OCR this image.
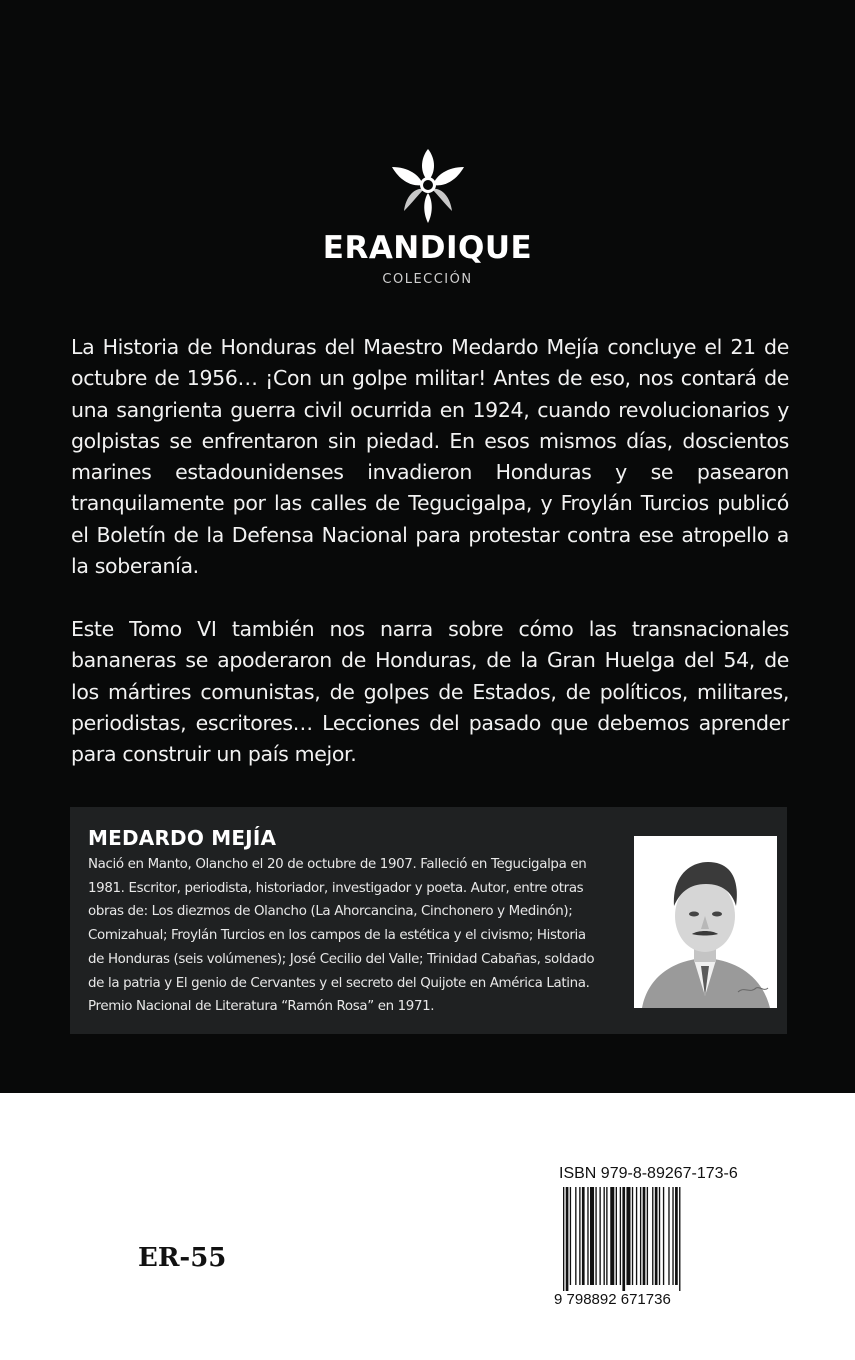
ERANDIQUE
COLECCIÓN

La Historia de Honduras del Maestro Medardo Mejía concluye el 21 de octubre de 1956… ¡Con un golpe militar! Antes de eso, nos contará de una sangrienta guerra civil ocurrida en 1924, cuando revolucionarios y golpistas se enfrentaron sin piedad. En esos mismos días, doscientos marines estadounidenses invadieron Honduras y se pasearon tranquilamente por las calles de Tegucigalpa, y Froylán Turcios publicó el Boletín de la Defensa Nacional para protestar contra ese atropello a la soberanía.

Este Tomo VI también nos narra sobre cómo las transnacionales bananeras se apoderaron de Honduras, de la Gran Huelga del 54, de los mártires comunistas, de golpes de Estados, de políticos, militares, periodistas, escritores… Lecciones del pasado que debemos aprender para construir un país mejor.

MEDARDO MEJÍA
Nació en Manto, Olancho el 20 de octubre de 1907. Falleció en Tegucigalpa en
1981. Escritor, periodista, historiador, investigador y poeta. Autor, entre otras
obras de: Los diezmos de Olancho (La Ahorcancina, Cinchonero y Medinón);
Comizahual; Froylán Turcios en los campos de la estética y el civismo; Historia
de Honduras (seis volúmenes); José Cecilio del Valle; Trinidad Cabañas, soldado
de la patria y El genio de Cervantes y el secreto del Quijote en América Latina.
Premio Nacional de Literatura “Ramón Rosa” en 1971.
ER-55
ISBN 979-8-89267-173-6
9 798892 671736
